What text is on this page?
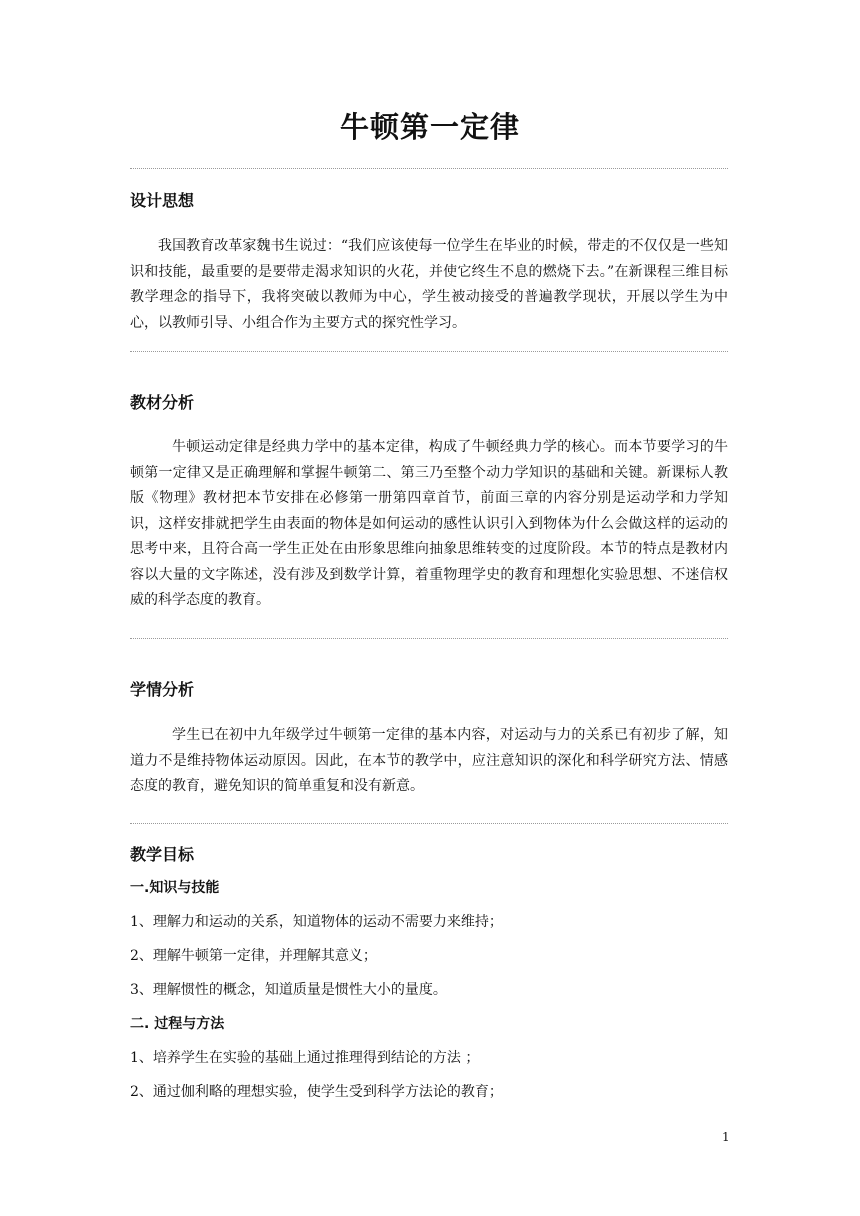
牛顿第一定律
设计思想

我国教育改革家魏书生说过：“我们应该使每一位学生在毕业的时候，带走的不仅仅是一些知识和技能，最重要的是要带走渴求知识的火花，并使它终生不息的燃烧下去。”在新课程三维目标教学理念的指导下，我将突破以教师为中心，学生被动接受的普遍教学现状，开展以学生为中心，以教师引导、小组合作为主要方式的探究性学习。

教材分析

牛顿运动定律是经典力学中的基本定律，构成了牛顿经典力学的核心。而本节要学习的牛顿第一定律又是正确理解和掌握牛顿第二、第三乃至整个动力学知识的基础和关键。新课标人教版《物理》教材把本节安排在必修第一册第四章首节，前面三章的内容分别是运动学和力学知识，这样安排就把学生由表面的物体是如何运动的感性认识引入到物体为什么会做这样的运动的思考中来，且符合高一学生正处在由形象思维向抽象思维转变的过度阶段。本节的特点是教材内容以大量的文字陈述，没有涉及到数学计算，着重物理学史的教育和理想化实验思想、不迷信权威的科学态度的教育。

学情分析

学生已在初中九年级学过牛顿第一定律的基本内容，对运动与力的关系已有初步了解，知道力不是维持物体运动原因。因此，在本节的教学中，应注意知识的深化和科学研究方法、情感态度的教育，避免知识的简单重复和没有新意。

教学目标
一.知识与技能

1、理解力和运动的关系，知道物体的运动不需要力来维持；

2、理解牛顿第一定律，并理解其意义；

3、理解惯性的概念，知道质量是惯性大小的量度。

二. 过程与方法

1、培养学生在实验的基础上通过推理得到结论的方法 ；

2、通过伽利略的理想实验，使学生受到科学方法论的教育；

1
